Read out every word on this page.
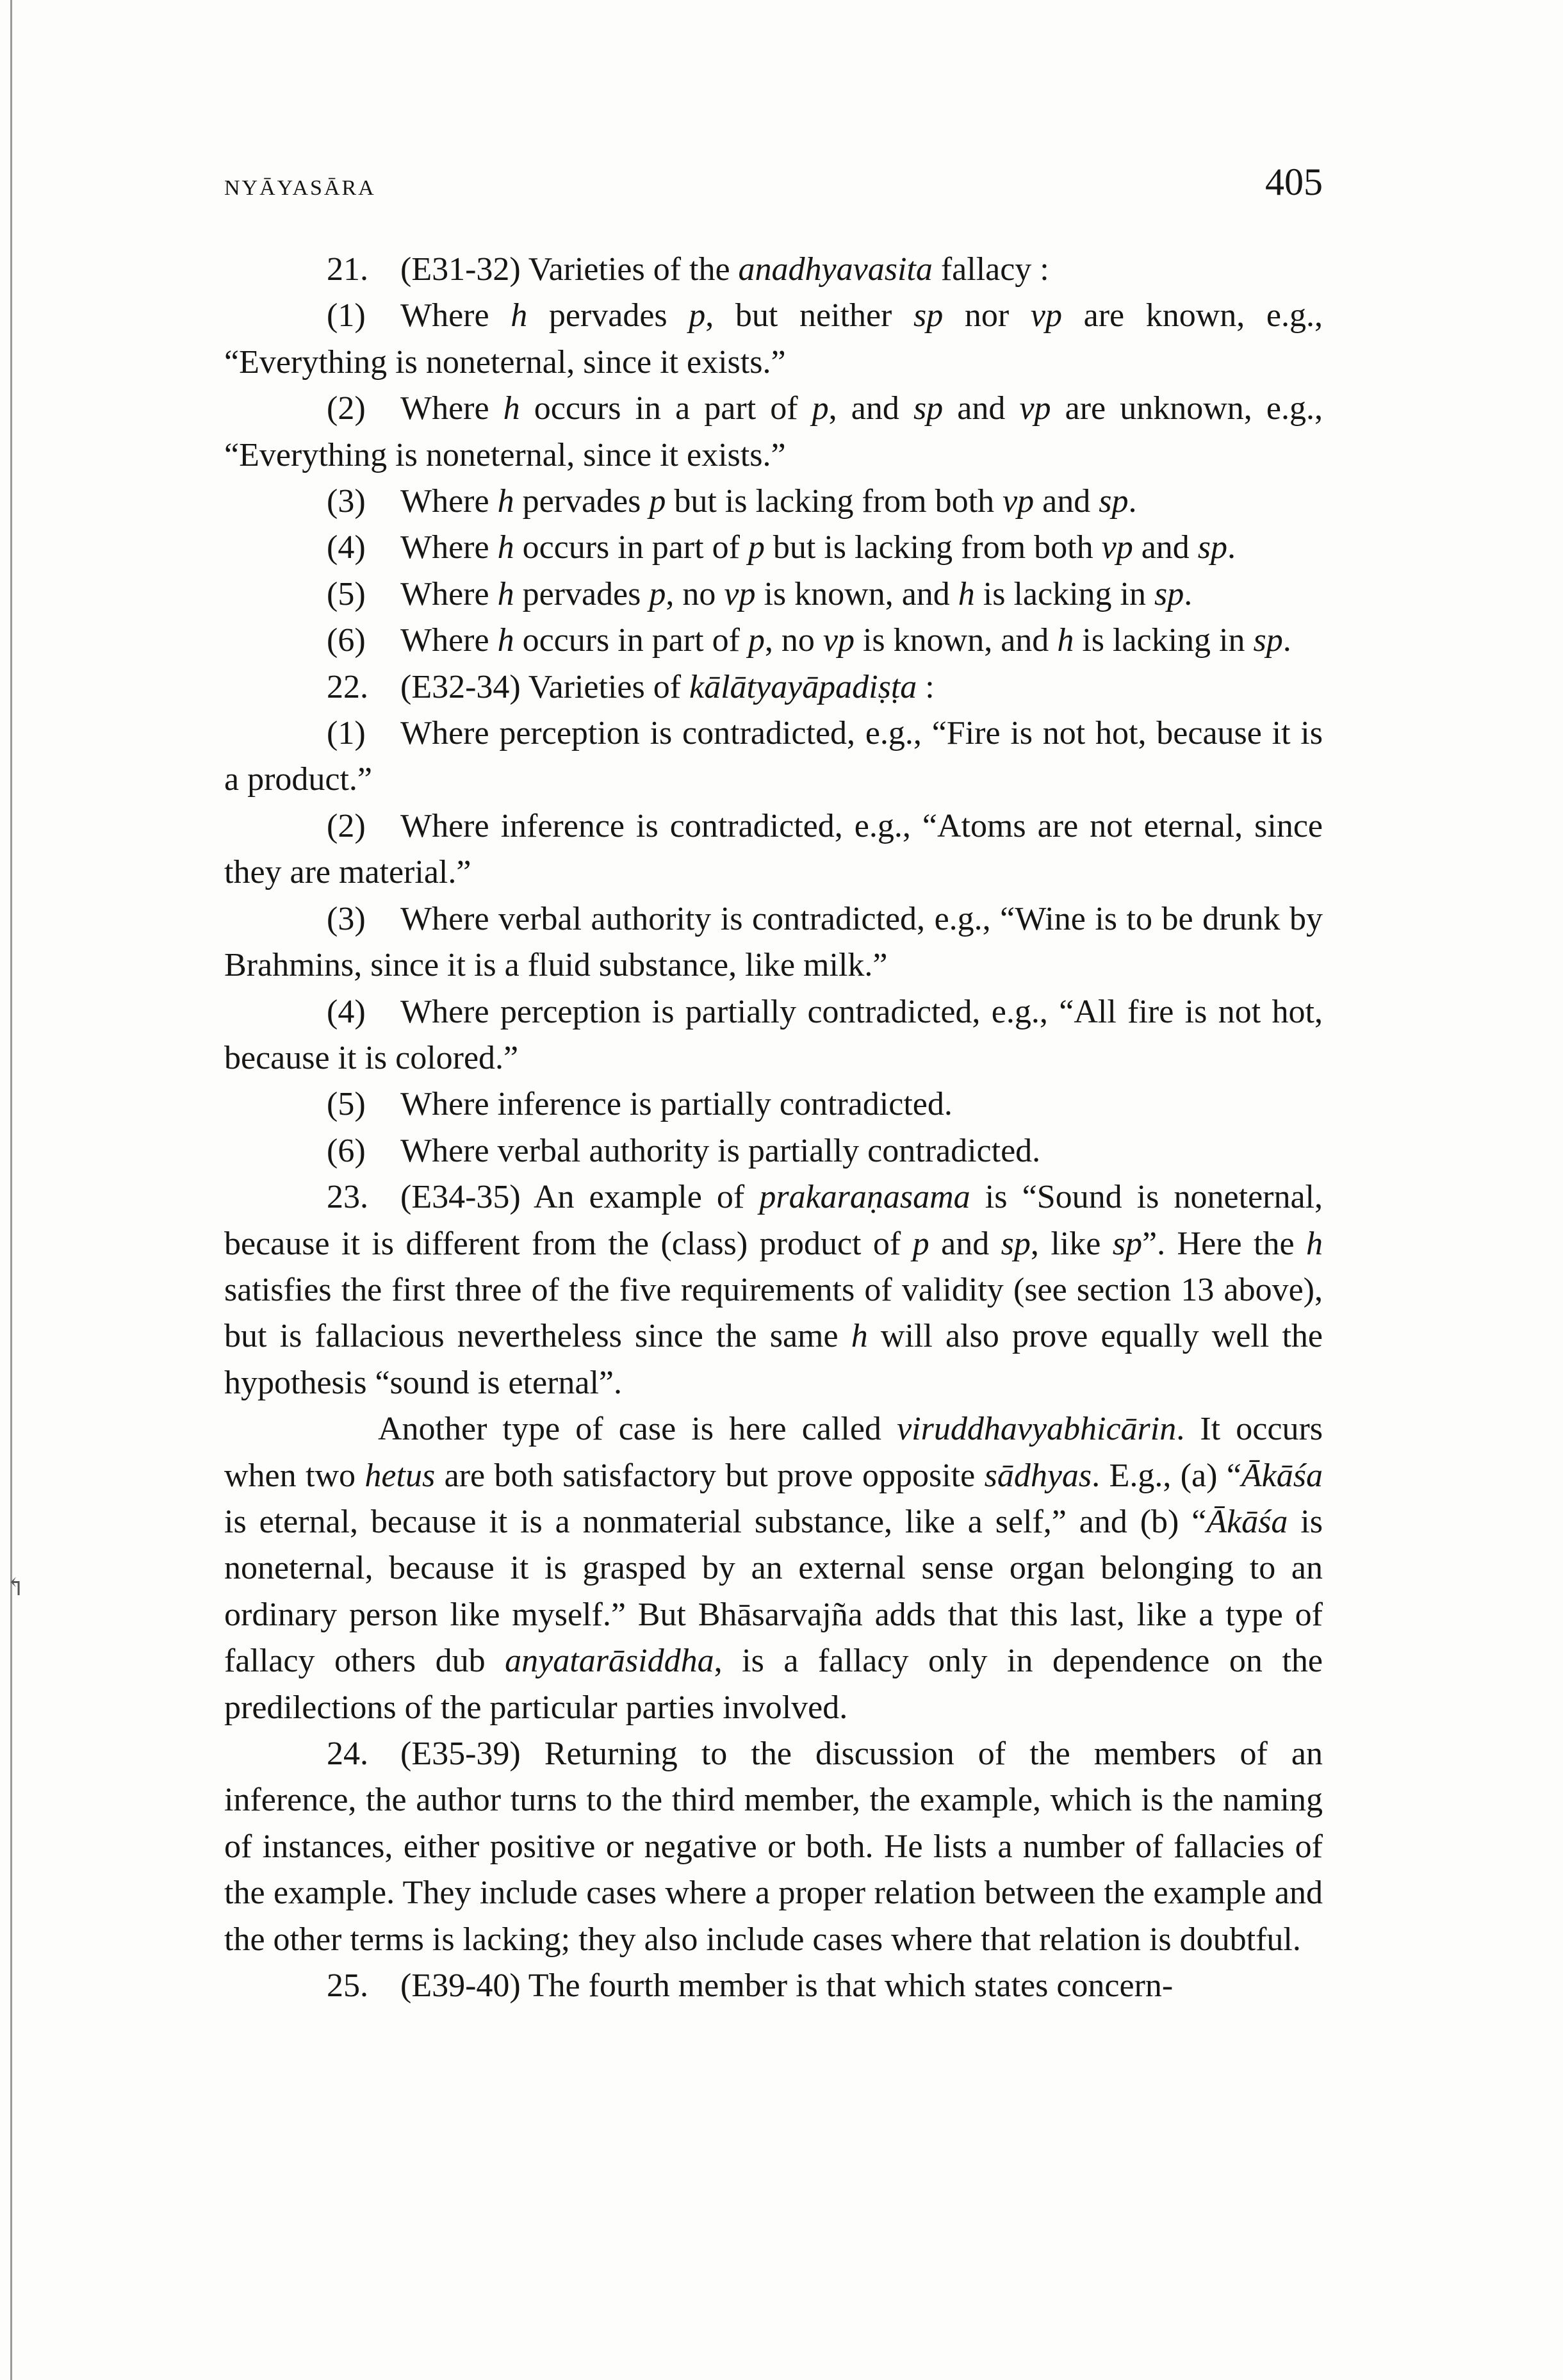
↰
NYĀYASĀRA	405

21. (E31-32) Varieties of the anadhyavasita fallacy :

(1) Where h pervades p, but neither sp nor vp are known, e.g., “Everything is noneternal, since it exists.”

(2) Where h occurs in a part of p, and sp and vp are unknown, e.g., “Everything is noneternal, since it exists.”

(3) Where h pervades p but is lacking from both vp and sp.

(4) Where h occurs in part of p but is lacking from both vp and sp.

(5) Where h pervades p, no vp is known, and h is lacking in sp.

(6) Where h occurs in part of p, no vp is known, and h is lacking in sp.

22. (E32-34) Varieties of kālātyayāpadiṣṭa :

(1) Where perception is contradicted, e.g., “Fire is not hot, because it is a product.”

(2) Where inference is contradicted, e.g., “Atoms are not eternal, since they are material.”

(3) Where verbal authority is contradicted, e.g., “Wine is to be drunk by Brahmins, since it is a fluid substance, like milk.”

(4) Where perception is partially contradicted, e.g., “All fire is not hot, because it is colored.”

(5) Where inference is partially contradicted.

(6) Where verbal authority is partially contradicted.

23. (E34-35) An example of prakaraṇasama is “Sound is noneternal, because it is different from the (class) product of p and sp, like sp”. Here the h satisfies the first three of the five requirements of validity (see section 13 above), but is fallacious nevertheless since the same h will also prove equally well the hypothesis “sound is eternal”.

Another type of case is here called viruddhavyabhicārin. It occurs when two hetus are both satisfactory but prove opposite sādhyas. E.g., (a) “Ākāśa is eternal, because it is a nonmaterial substance, like a self,” and (b) “Ākāśa is noneternal, because it is grasped by an external sense organ belonging to an ordinary person like myself.” But Bhāsarvajña adds that this last, like a type of fallacy others dub anyatarāsiddha, is a fallacy only in dependence on the predilections of the particular parties involved.

24. (E35-39) Returning to the discussion of the members of an inference, the author turns to the third member, the example, which is the naming of instances, either positive or negative or both. He lists a number of fallacies of the example. They include cases where a proper relation between the example and the other terms is lacking; they also include cases where that relation is doubtful.

25. (E39-40) The fourth member is that which states concern-
